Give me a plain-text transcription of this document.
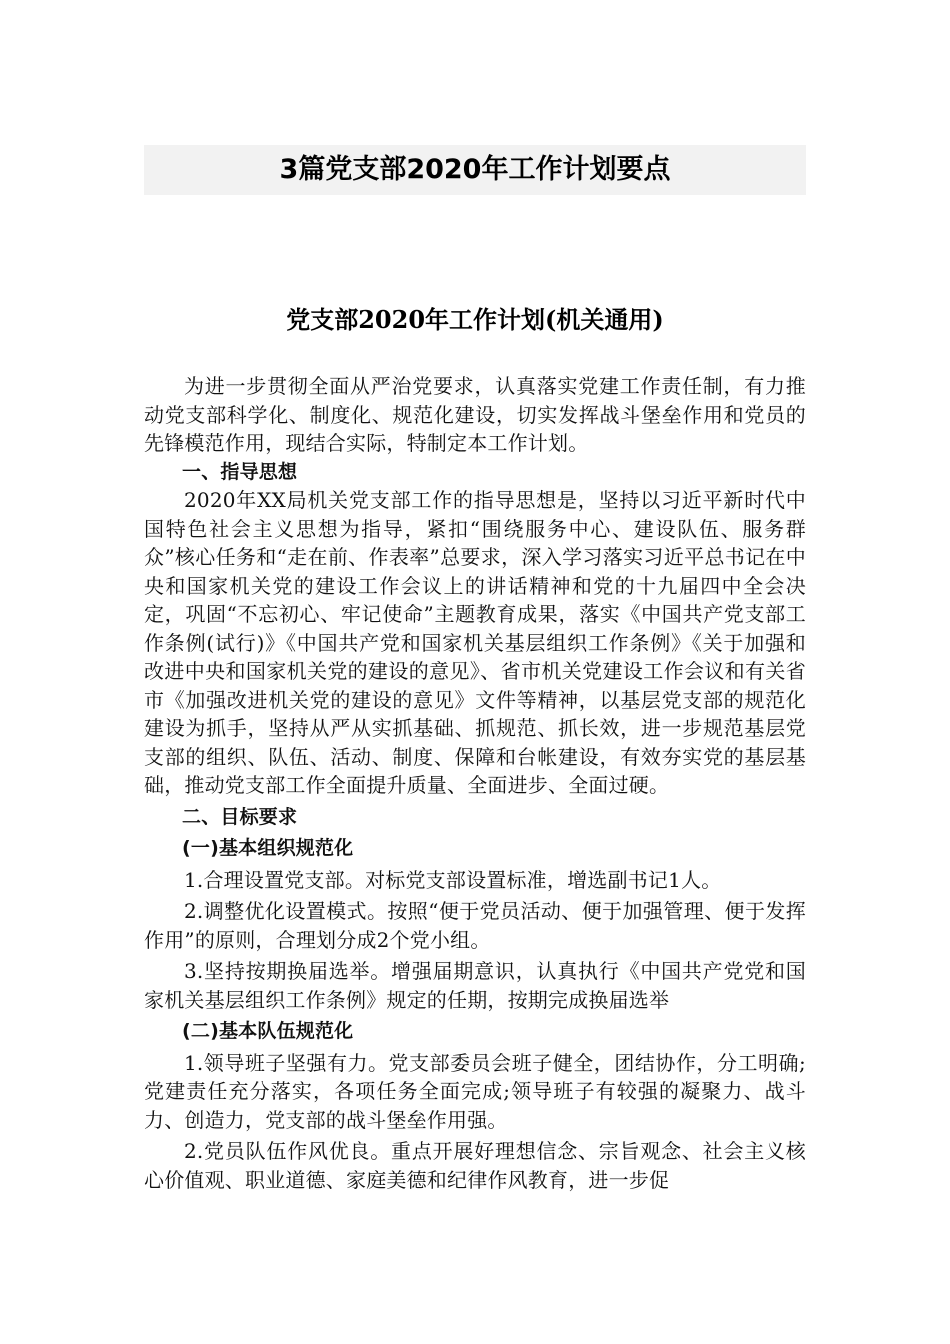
3篇党支部2020年工作计划要点
党支部2020年工作计划(机关通用)

为进一步贯彻全面从严治党要求，认真落实党建工作责任制，有力推动党支部科学化、制度化、规范化建设，切实发挥战斗堡垒作用和党员的先锋模范作用，现结合实际，特制定本工作计划。

一、指导思想

2020年XX局机关党支部工作的指导思想是，坚持以习近平新时代中国特色社会主义思想为指导，紧扣“围绕服务中心、建设队伍、服务群众”核心任务和“走在前、作表率”总要求，深入学习落实习近平总书记在中央和国家机关党的建设工作会议上的讲话精神和党的十九届四中全会决定，巩固“不忘初心、牢记使命”主题教育成果，落实《中国共产党支部工作条例(试行)》《中国共产党和国家机关基层组织工作条例》《关于加强和改进中央和国家机关党的建设的意见》、省市机关党建设工作会议和有关省市《加强改进机关党的建设的意见》文件等精神，以基层党支部的规范化建设为抓手，坚持从严从实抓基础、抓规范、抓长效，进一步规范基层党支部的组织、队伍、活动、制度、保障和台帐建设，有效夯实党的基层基础，推动党支部工作全面提升质量、全面进步、全面过硬。

二、目标要求

(一)基本组织规范化

1.合理设置党支部。对标党支部设置标准，增选副书记1人。

2.调整优化设置模式。按照“便于党员活动、便于加强管理、便于发挥作用”的原则，合理划分成2个党小组。

3.坚持按期换届选举。增强届期意识，认真执行《中国共产党党和国家机关基层组织工作条例》规定的任期，按期完成换届选举

(二)基本队伍规范化

1.领导班子坚强有力。党支部委员会班子健全，团结协作，分工明确;党建责任充分落实，各项任务全面完成;领导班子有较强的凝聚力、战斗力、创造力，党支部的战斗堡垒作用强。

2.党员队伍作风优良。重点开展好理想信念、宗旨观念、社会主义核心价值观、职业道德、家庭美德和纪律作风教育，进一步促
